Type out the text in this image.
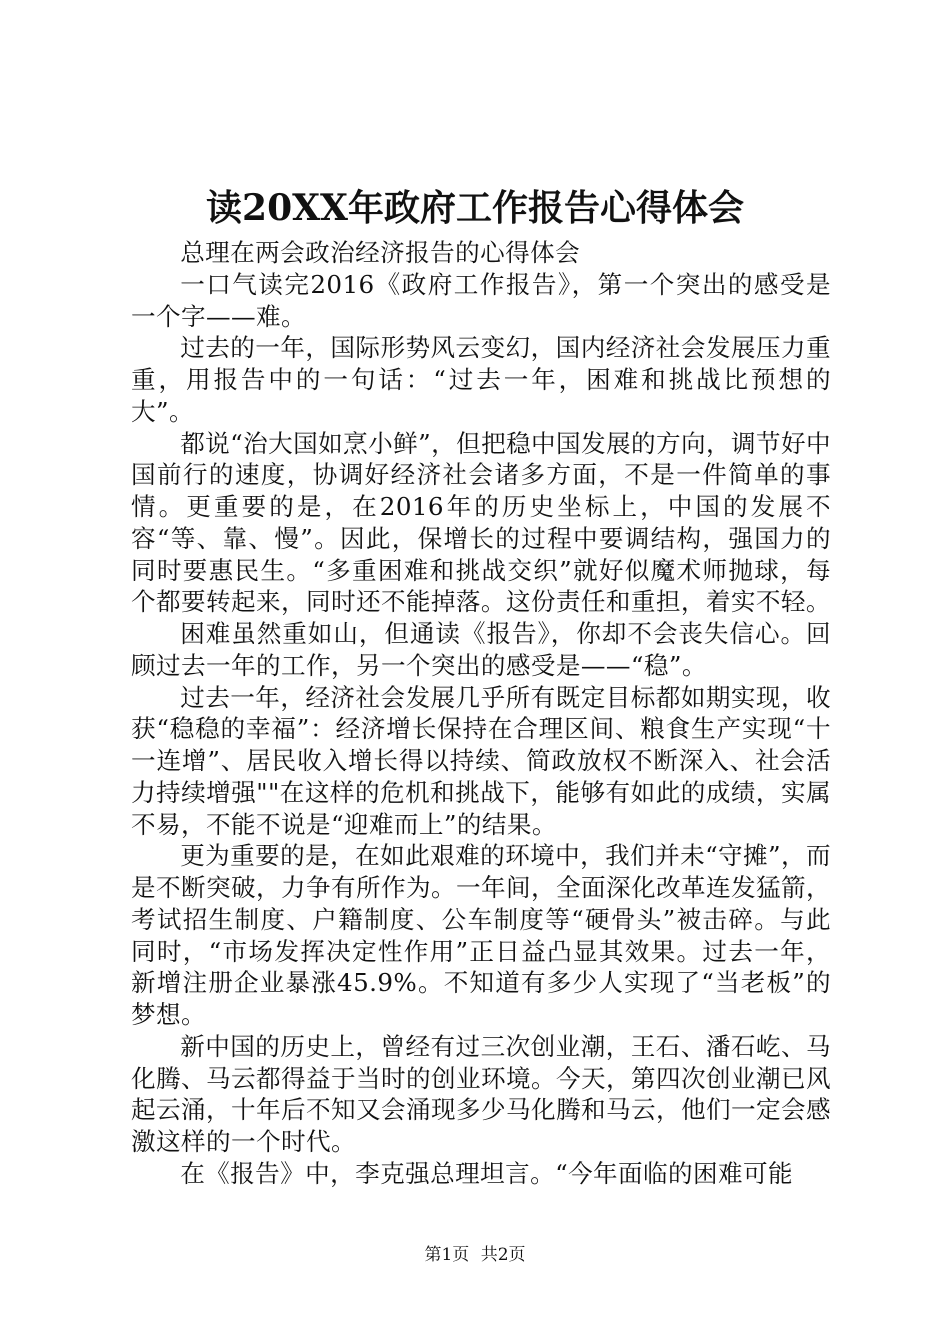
读20XX年政府工作报告心得体会

总理在两会政治经济报告的心得体会

一口气读完2016《政府工作报告》，第一个突出的感受是一个字——难。

过去的一年，国际形势风云变幻，国内经济社会发展压力重重，用报告中的一句话：“过去一年，困难和挑战比预想的大”。

都说“治大国如烹小鲜”，但把稳中国发展的方向，调节好中国前行的速度，协调好经济社会诸多方面，不是一件简单的事情。更重要的是，在2016年的历史坐标上，中国的发展不容“等、靠、慢”。因此，保增长的过程中要调结构，强国力的同时要惠民生。“多重困难和挑战交织”就好似魔术师抛球，每个都要转起来，同时还不能掉落。这份责任和重担，着实不轻。

困难虽然重如山，但通读《报告》，你却不会丧失信心。回顾过去一年的工作，另一个突出的感受是——“稳”。

过去一年，经济社会发展几乎所有既定目标都如期实现，收获“稳稳的幸福”：经济增长保持在合理区间、粮食生产实现“十一连增”、居民收入增长得以持续、简政放权不断深入、社会活力持续增强""在这样的危机和挑战下，能够有如此的成绩，实属不易，不能不说是“迎难而上”的结果。

更为重要的是，在如此艰难的环境中，我们并未“守摊”，而是不断突破，力争有所作为。一年间，全面深化改革连发猛箭，考试招生制度、户籍制度、公车制度等“硬骨头”被击碎。与此同时，“市场发挥决定性作用”正日益凸显其效果。过去一年，新增注册企业暴涨45.9%。不知道有多少人实现了“当老板”的梦想。

新中国的历史上，曾经有过三次创业潮，王石、潘石屹、马化腾、马云都得益于当时的创业环境。今天，第四次创业潮已风起云涌，十年后不知又会涌现多少马化腾和马云，他们一定会感激这样的一个时代。

在《报告》中，李克强总理坦言。“今年面临的困难可能

第1页 共2页
